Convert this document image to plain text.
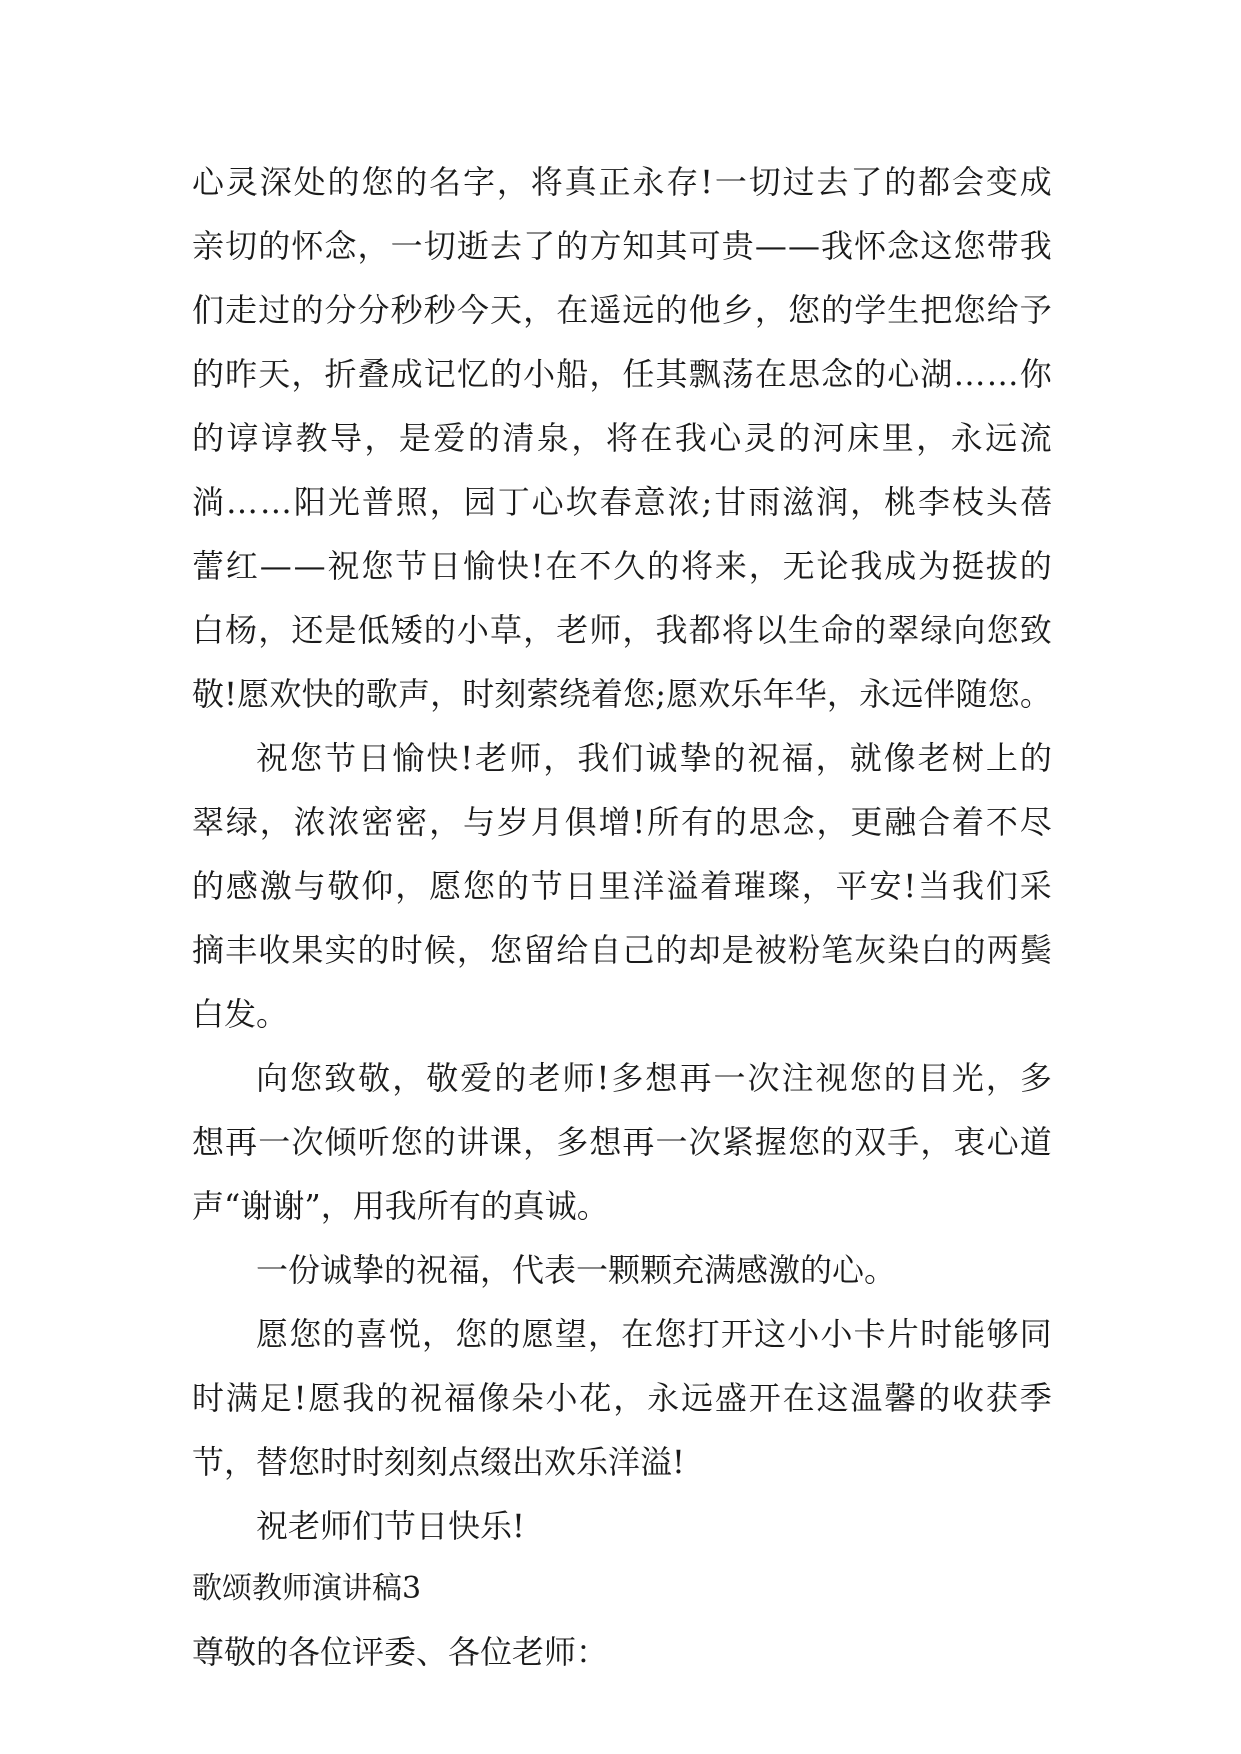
心 灵 深 处 的 您 的 名 字 ， 将 真 正 永 存 ! 一 切 过 去 了 的 都 会 变 成
亲 切 的 怀 念 ， 一 切 逝 去 了 的 方 知 其 可 贵 — — 我 怀 念 这 您 带 我
们 走 过 的 分 分 秒 秒 今 天 ， 在 遥 远 的 他 乡 ， 您 的 学 生 把 您 给 予
的 昨 天 ， 折 叠 成 记 忆 的 小 船 ， 任 其 飘 荡 在 思 念 的 心 湖 … … 你
的 谆 谆 教 导 ， 是 爱 的 清 泉 ， 将 在 我 心 灵 的 河 床 里 ， 永 远 流
淌 … … 阳 光 普 照 ， 园 丁 心 坎 春 意 浓 ; 甘 雨 滋 润 ， 桃 李 枝 头 蓓
蕾 红 — — 祝 您 节 日 愉 快 ! 在 不 久 的 将 来 ， 无 论 我 成 为 挺 拔 的
白 杨 ， 还 是 低 矮 的 小 草 ， 老 师 ， 我 都 将 以 生 命 的 翠 绿 向 您 致
敬 ! 愿 欢 快 的 歌 声 ， 时 刻 萦 绕 着 您 ; 愿 欢 乐 年 华 ， 永 远 伴 随 您 。
祝 您 节 日 愉 快 ! 老 师 ， 我 们 诚 挚 的 祝 福 ， 就 像 老 树 上 的
翠 绿 ， 浓 浓 密 密 ， 与 岁 月 俱 增 ! 所 有 的 思 念 ， 更 融 合 着 不 尽
的 感 激 与 敬 仰 ， 愿 您 的 节 日 里 洋 溢 着 璀 璨 ， 平 安 ! 当 我 们 采
摘 丰 收 果 实 的 时 候 ， 您 留 给 自 己 的 却 是 被 粉 笔 灰 染 白 的 两 鬓
白发。
向 您 致 敬 ， 敬 爱 的 老 师 ! 多 想 再 一 次 注 视 您 的 目 光 ， 多
想 再 一 次 倾 听 您 的 讲 课 ， 多 想 再 一 次 紧 握 您 的 双 手 ， 衷 心 道
声“谢谢”，用我所有的真诚。
一份诚挚的祝福，代表一颗颗充满感激的心。
愿 您 的 喜 悦 ， 您 的 愿 望 ， 在 您 打 开 这 小 小 卡 片 时 能 够 同
时 满 足 ! 愿 我 的 祝 福 像 朵 小 花 ， 永 远 盛 开 在 这 温 馨 的 收 获 季
节，替您时时刻刻点缀出欢乐洋溢!
祝老师们节日快乐!
歌颂教师演讲稿3
尊敬的各位评委、各位老师：
